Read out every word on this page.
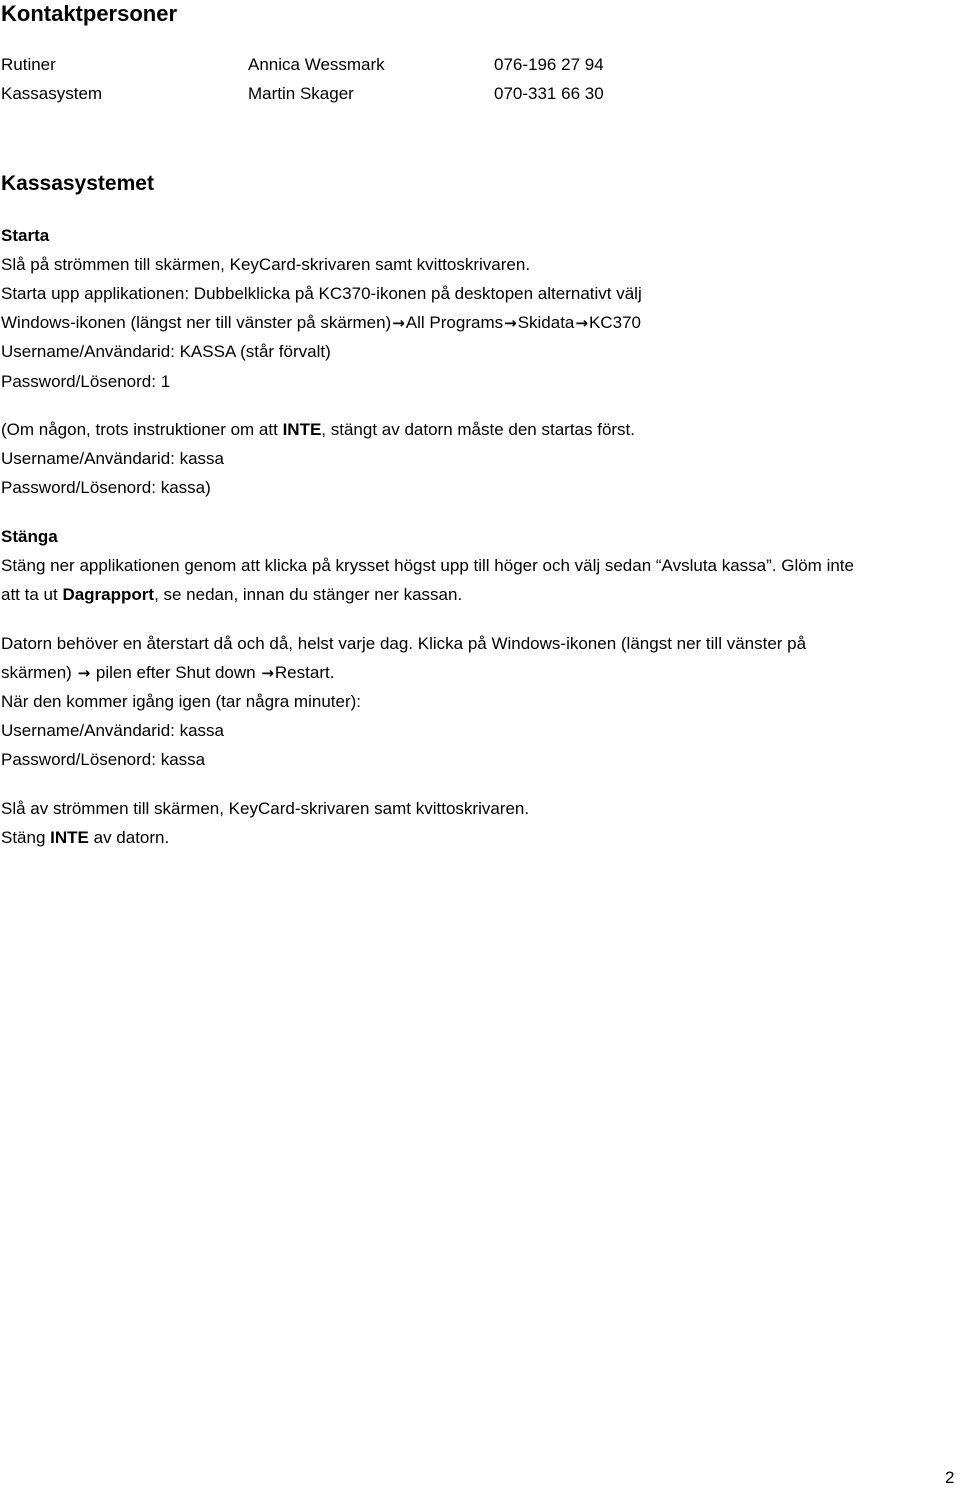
Kontaktpersoner
Rutiner	Annica Wessmark	076-196 27 94
Kassasystem	Martin Skager	070-331 66 30
Kassasystemet
Starta
Slå på strömmen till skärmen, KeyCard-skrivaren samt kvittoskrivaren.
Starta upp applikationen: Dubbelklicka på KC370-ikonen på desktopen alternativt välj
Windows-ikonen (längst ner till vänster på skärmen)→All Programs→Skidata→KC370
Username/Användarid: KASSA (står förvalt)
Password/Lösenord: 1
(Om någon, trots instruktioner om att INTE, stängt av datorn måste den startas först.
Username/Användarid: kassa
Password/Lösenord: kassa)
Stänga
Stäng ner applikationen genom att klicka på krysset högst upp till höger och välj sedan “Avsluta kassa”. Glöm inte
att ta ut Dagrapport, se nedan, innan du stänger ner kassan.
Datorn behöver en återstart då och då, helst varje dag. Klicka på Windows-ikonen (längst ner till vänster på
skärmen) → pilen efter Shut down →Restart.
När den kommer igång igen (tar några minuter):
Username/Användarid: kassa
Password/Lösenord: kassa
Slå av strömmen till skärmen, KeyCard-skrivaren samt kvittoskrivaren.
Stäng INTE av datorn.
2
